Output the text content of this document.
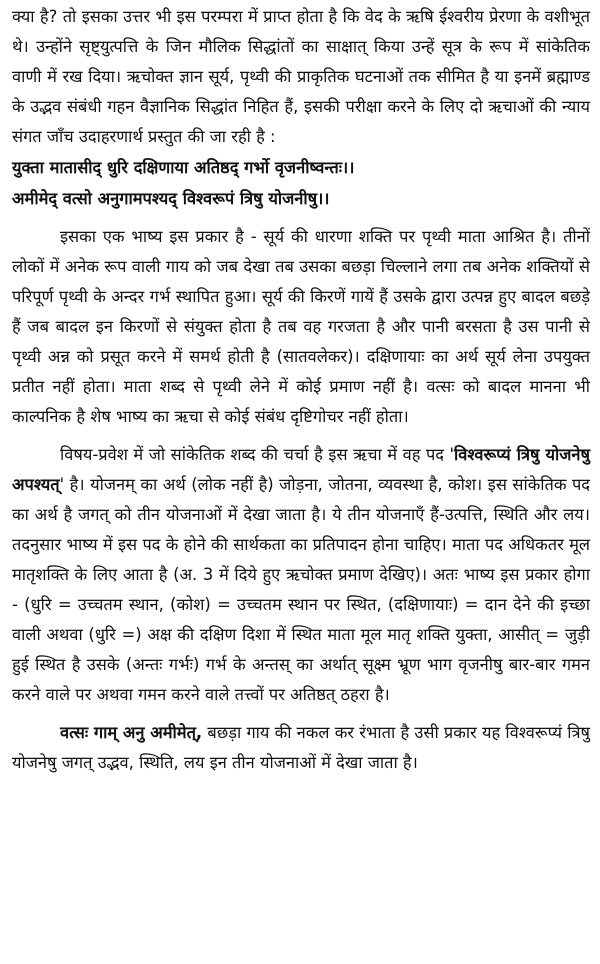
क्या है? तो इसका उत्तर भी इस परम्परा में प्राप्त होता है कि वेद के ऋषि ईश्वरीय प्रेरणा के वशीभूत थे। उन्होंने सृष्ट्युत्पत्ति के जिन मौलिक सिद्धांतों का साक्षात् किया उन्हें सूत्र के रूप में सांकेतिक वाणी में रख दिया। ऋचोक्त ज्ञान सूर्य, पृथ्वी की प्राकृतिक घटनाओं तक सीमित है या इनमें ब्रह्माण्ड के उद्भव संबंधी गहन वैज्ञानिक सिद्धांत निहित हैं, इसकी परीक्षा करने के लिए दो ऋचाओं की न्याय संगत जाँच उदाहरणार्थ प्रस्तुत की जा रही है :

युक्ता मातासीद् धुरि दक्षिणाया अतिष्ठद् गर्भो वृजनीष्वन्तः।।

अमीमेद् वत्सो अनुगामपश्यद् विश्वरूपं त्रिषु योजनीषु।।

इसका एक भाष्य इस प्रकार है - सूर्य की धारणा शक्ति पर पृथ्वी माता आश्रित है। तीनों लोकों में अनेक रूप वाली गाय को जब देखा तब उसका बछड़ा चिल्लाने लगा तब अनेक शक्तियों से परिपूर्ण पृथ्वी के अन्दर गर्भ स्थापित हुआ। सूर्य की किरणें गायें हैं उसके द्वारा उत्पन्न हुए बादल बछड़े हैं जब बादल इन किरणों से संयुक्त होता है तब वह गरजता है और पानी बरसता है उस पानी से पृथ्वी अन्न को प्रसूत करने में समर्थ होती है (सातवलेकर)। दक्षिणायाः का अर्थ सूर्य लेना उपयुक्त प्रतीत नहीं होता। माता शब्द से पृथ्वी लेने में कोई प्रमाण नहीं है। वत्सः को बादल मानना भी काल्पनिक है शेष भाष्य का ऋचा से कोई संबंध दृष्टिगोचर नहीं होता।

विषय-प्रवेश में जो सांकेतिक शब्द की चर्चा है इस ऋचा में वह पद 'विश्वरूप्यं त्रिषु योजनेषु अपश्यत्' है। योजनम् का अर्थ (लोक नहीं है) जोड़ना, जोतना, व्यवस्था है, कोश। इस सांकेतिक पद का अर्थ है जगत् को तीन योजनाओं में देखा जाता है। ये तीन योजनाएँ हैं-उत्पत्ति, स्थिति और लय। तदनुसार भाष्य में इस पद के होने की सार्थकता का प्रतिपादन होना चाहिए। माता पद अधिकतर मूल मातृशक्ति के लिए आता है (अ. 3 में दिये हुए ऋचोक्त प्रमाण देखिए)। अतः भाष्य इस प्रकार होगा - (धुरि = उच्चतम स्थान, (कोश) = उच्चतम स्थान पर स्थित, (दक्षिणायाः) = दान देने की इच्छा वाली अथवा (धुरि =) अक्ष की दक्षिण दिशा में स्थित माता मूल मातृ शक्ति युक्ता, आसीत् = जुड़ी हुई स्थित है उसके (अन्तः गर्भः) गर्भ के अन्तस् का अर्थात् सूक्ष्म भ्रूण भाग वृजनीषु बार-बार गमन करने वाले पर अथवा गमन करने वाले तत्त्वों पर अतिष्ठत् ठहरा है।

वत्सः गाम् अनु अमीमेत्, बछड़ा गाय की नकल कर रंभाता है उसी प्रकार यह विश्वरूप्यं त्रिषु योजनेषु जगत् उद्भव, स्थिति, लय इन तीन योजनाओं में देखा जाता है।
